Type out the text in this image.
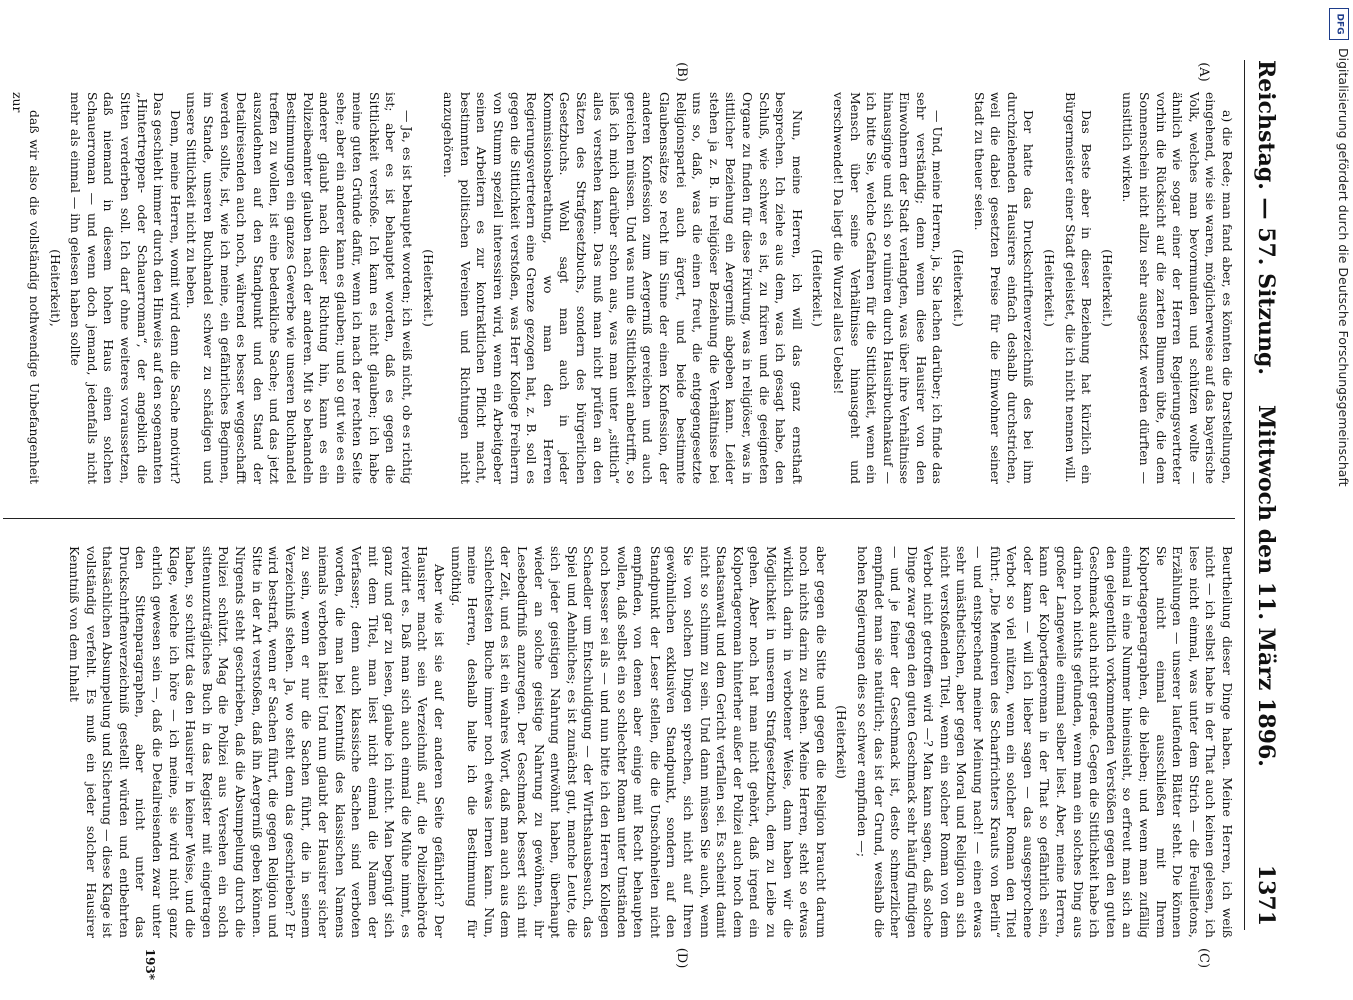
Reichstag. — 57. Sitzung.
Mittwoch den 11. März 1896.
1371
(A)
(B)
(C)
(D)

a) die Rede; man fand aber, es könnten die Darstellungen, eingehend, wie sie waren, möglicherweise auf das bayerische Volk, welches man bevormunden und schützen wollte — ähnlich wie sogar einer der Herren Regierungsvertreter vorhin die Rücksicht auf die zarten Blumen übte, die dem Sonnenschein nicht allzu sehr ausgesetzt werden dürften — unsittlich wirken.

(Heiterkeit.)

Das Beste aber in dieser Beziehung hat kürzlich ein Bürgermeister einer Stadt geleistet, die ich nicht nennen will.

(Heiterkeit.)

Der hatte das Druckschriftenverzeichniß des bei ihm durchziehenden Hausirers einfach deshalb durchstrichen, weil die dabei gesetzten Preise für die Einwohner seiner Stadt zu theuer seien.

(Heiterkeit.)

— Und, meine Herren, ja, Sie lachen darüber; ich finde das sehr verständig; denn wenn diese Hausirer von den Einwohnern der Stadt verlangten, was über ihre Verhältnisse hinausginge und sich so ruiniren durch Hausirbuchankauf — ich bitte Sie, welche Gefahren für die Sittlichkeit, wenn ein Mensch über seine Verhältnisse hinausgeht und verschwendet! Da liegt die Wurzel alles Uebels!

(Heiterkeit.)

Nun, meine Herren, ich will das ganz ernsthaft besprechen. Ich ziehe aus dem, was ich gesagt habe, den Schluß, wie schwer es ist, zu fixiren und die geeigneten Organe zu finden für diese Fixirung, was in religiöser, was in sittlicher Beziehung ein Aergerniß abgeben kann. Leider stehen ja z. B. in religiöser Beziehung die Verhältnisse bei uns so, daß, was die einen freut, die entgegengesetzte Religionspartei auch ärgert, und beide bestimmte Glaubenssätze so recht im Sinne der einen Konfession, der anderen Konfession zum Aergerniß gereichen und auch gereichen müssen. Und was nun die Sittlichkeit anbetrifft, so ließ ich mich darüber schon aus, was man unter „sittlich“ alles verstehen kann. Das muß man nicht prüfen an den Sätzen des Strafgesetzbuchs, sondern des bürgerlichen Gesetzbuchs. Wohl sagt man auch in jeder Kommissionsberathung, wo man den Herren Regierungsvertretern eine Grenze gezogen hat, z. B. soll es gegen die Sittlichkeit verstoßen, was Herr Kollege Freiherrn von Stumm speziell interessiren wird, wenn ein Arbeitgeber seinen Arbeitern es zur kontraktlichen Pflicht macht, bestimmten politischen Vereinen und Richtungen nicht anzugehören.

(Heiterkeit.)

— Ja, es ist behauptet worden; ich weiß nicht, ob es richtig ist; aber es ist behauptet worden, daß es gegen die Sittlichkeit verstoße. Ich kann es nicht glauben; ich habe meine guten Gründe dafür, wenn ich nach der rechten Seite sehe; aber ein anderer kann es glauben; und so gut wie es ein anderer glaubt nach dieser Richtung hin, kann es ein Polizeibeamter glauben nach der anderen. Mit so behandeln Bestimmungen ein ganzes Gewerbe wie unseren Buchhandel treffen zu wollen, ist eine bedenkliche Sache; und das jetzt auszudehnen auf den Standpunkt und den Stand der Detailreisenden auch noch, während es besser weggeschafft werden sollte, ist, wie ich meine, ein gefährliches Beginnen, im Stande, unseren Buchhandel schwer zu schädigen und unsere Sittlichkeit nicht zu heben.

Denn, meine Herren, womit wird denn die Sache motivirt? Das geschieht immer durch den Hinweis auf den sogenannten „Hintertreppen- oder Schauerroman“, der angeblich die Sitten verderben soll. Ich darf ohne weiteres voraussetzen, daß niemand in diesem hohen Haus einen solchen Schauerroman — und wenn doch jemand, jedenfalls nicht mehr als einmal — ihn gelesen haben sollte

(Heiterkeit),

daß wir also die vollständig nothwendige Unbefangenheit zur

Beurtheilung dieser Dinge haben. Meine Herren, ich weiß nicht — ich selbst habe in der That auch keinen gelesen, ich lese nicht einmal, was unter dem Strich — die Feuilletons, Erzählungen — unserer laufenden Blätter steht. Die können Sie nicht einmal ausschließen mit Ihrem Kolportageparagraphen, die bleiben; und wenn man zufällig einmal in eine Nummer hineinsieht, so erfreut man sich an den gelegentlich vorkommenden Verstößen gegen den guten Geschmack auch nicht gerade. Gegen die Sittlichkeit habe ich darin noch nichts gefunden, wenn man ein solches Ding aus großer Langeweile einmal selber liest. Aber, meine Herren, kann der Kolportageroman in der That so gefährlich sein, oder kann — will ich lieber sagen — das ausgesprochene Verbot so viel nützen, wenn ein solcher Roman den Titel führt: „Die Memoiren des Scharfrichters Krauts von Berlin“ — und entsprechend meiner Meinung nach! — einen etwas sehr unästhetischen, aber gegen Moral und Religion an sich nicht verstoßenden Titel, wenn ein solcher Roman von dem Verbot nicht getroffen wird —? Man kann sagen, daß solche Dinge zwar gegen den guten Geschmack sehr häufig fündigen — und je feiner der Geschmack ist, desto schmerzlicher empfindet man sie natürlich; das ist der Grund, weshalb die hohen Regierungen dies so schwer empfinden —;

(Heiterkeit)

aber gegen die Sitte und gegen die Religion braucht darum noch nichts darin zu stehen. Meine Herren, steht so etwas wirklich darin in verbotener Weise, dann haben wir die Möglichkeit in unserem Strafgesetzbuch, dem zu Leibe zu gehen. Aber noch hat man nicht gehört, daß irgend ein Kolportageroman hinterher außer der Polizei auch noch dem Staatsanwalt und dem Gericht verfallen sei. Es scheint damit nicht so schlimm zu sein. Und dann müssen Sie auch, wenn Sie von solchen Dingen sprechen, sich nicht auf Ihren gewöhnlichen exklusiven Standpunkt, sondern auf den Standpunkt der Leser stellen, die die Unschönheiten nicht empfinden, von denen aber einige mit Recht behaupten wollen, daß selbst ein so schlechter Roman unter Umständen noch besser sei als — und nun bitte ich den Herren Kollegen Schaedler um Entschuldigung — der Wirthshausbesuch, das Spiel und Aehnliches; es ist zunächst gut, manche Leute, die sich jeder geistigen Nahrung entwöhnt haben, überhaupt wieder an solche geistige Nahrung zu gewöhnen, ihr Lesebedürfniß anzuregen. Der Geschmack bessert sich mit der Zeit, und es ist ein wahres Wort, daß man auch aus dem schlechtesten Buche immer noch etwas lernen kann. Nun, meine Herren, deshalb halte ich die Bestimmung für unnöthig.

Aber wie ist sie auf der anderen Seite gefährlich? Der Hausirer macht sein Verzeichniß auf, die Polizeibehörde revidirt es. Daß man sich auch einmal die Mühe nimmt, es ganz und gar zu lesen, glaube ich nicht. Man begnügt sich mit dem Titel, man liest nicht einmal die Namen der Verfasser; denn auch klassische Sachen sind verboten worden, die man bei Kenntniß des klassischen Namens niemals verboten hätte! Und nun glaubt der Hausirer sicher zu sein, wenn er nur die Sachen führt, die in seinem Verzeichniß stehen. Ja, wo steht denn das geschrieben? Er wird bestraft, wenn er Sachen führt, die gegen Religion und Sitte in der Art verstoßen, daß ihn Aergerniß geben können. Nirgends steht geschrieben, daß die Absumpelung durch die Polizei schützt. Mag die Polizei aus Versehen ein solch sittenunzuträgliches Buch in das Register mit eingetragen haben, so schützt das den Hausirer in keiner Weise, und die Klage, welche ich höre — ich meine, sie wird nicht ganz ehrlich gewesen sein —, daß die Detailreisenden zwar unter den Sittenparagraphen, aber nicht unter das Druckschriftenverzeichniß gestellt würden und entbehrten thatsächlichen Absumpelung und Sicherung — diese Klage ist vollständig verfehlt. Es muß ein jeder solcher Hausirer Kenntniß von dem Inhalt

193*
DFG
Digitalisierung gefördert durch die Deutsche Forschungsgemeinschaft
